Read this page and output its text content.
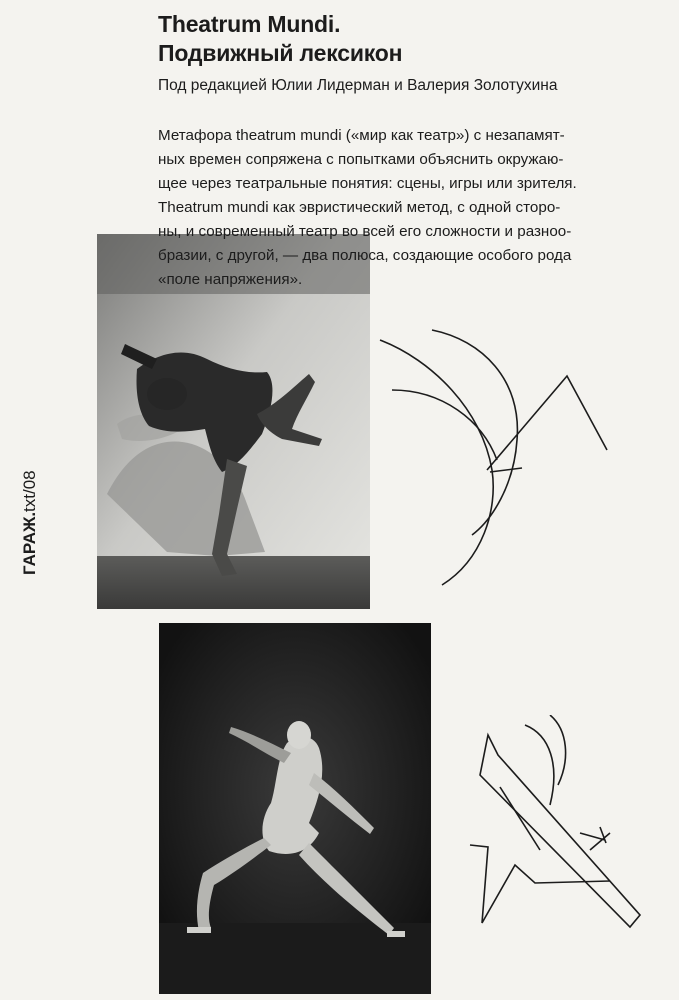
Theatrum Mundi.
Подвижный лексикон

Под редакцией Юлии Лидерман и Валерия Золотухина

Метафора theatrum mundi («мир как театр») с незапамят-
ных времен сопряжена с попытками объяснить окружаю-
щее через театральные понятия: сцены, игры или зрителя.
Theatrum mundi как эвристический метод, с одной сторо-
ны, и современный театр во всей его сложности и разноо-
бразии, с другой, — два полюса, создающие особого рода
«поле напряжения».

ГАРАЖ.txt/08
